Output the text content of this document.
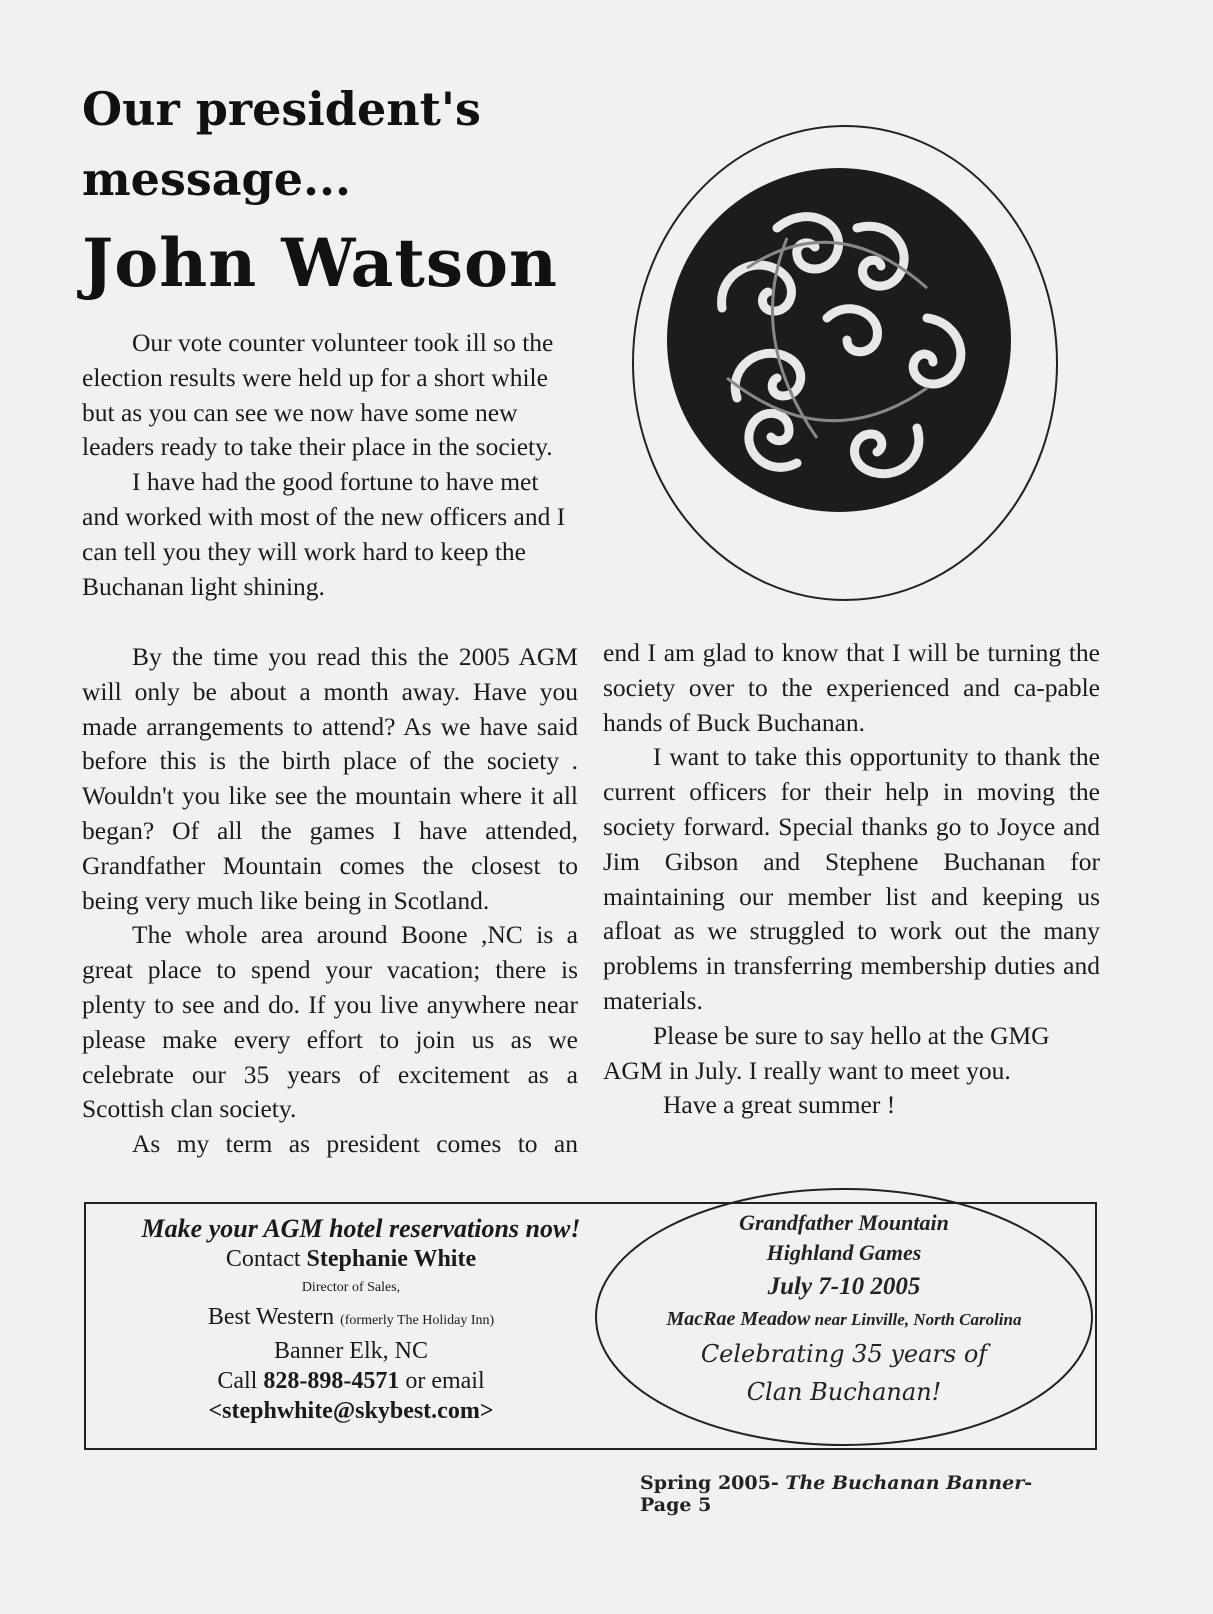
Our president's
message...
John Watson

Our vote counter volunteer took ill so the election results were held up for a short while but as you can see we now have some new leaders ready to take their place in the society.

I have had the good fortune to have met and worked with most of the new officers and I can tell you they will work hard to keep the Buchanan light shining.

By the time you read this the 2005 AGM will only be about a month away. Have you made arrangements to attend? As we have said before this is the birth place of the society . Wouldn't you like see the mountain where it all began? Of all the games I have attended, Grandfather Mountain comes the closest to being very much like being in Scotland.

The whole area around Boone ,NC is a great place to spend your vacation; there is plenty to see and do. If you live anywhere near please make every effort to join us as we celebrate our 35 years of excitement as a Scottish clan society.

As my term as president comes to an

end I am glad to know that I will be turning the society over to the experienced and ca-pable hands of Buck Buchanan.

I want to take this opportunity to thank the current officers for their help in moving the society forward. Special thanks go to Joyce and Jim Gibson and Stephene Buchanan for maintaining our member list and keeping us afloat as we struggled to work out the many problems in transferring membership duties and materials.

Please be sure to say hello at the GMG AGM in July. I really want to meet you.

Have a great summer !

Make your AGM hotel reservations now!
Contact Stephanie White
Director of Sales,
Best Western (formerly The Holiday Inn)
Banner Elk, NC
Call 828-898-4571 or email
<stephwhite@skybest.com>
Grandfather Mountain
Highland Games
July 7-10 2005
MacRae Meadow near Linville, North Carolina
Celebrating 35 years of
Clan Buchanan!
Spring 2005- The Buchanan Banner- Page 5
